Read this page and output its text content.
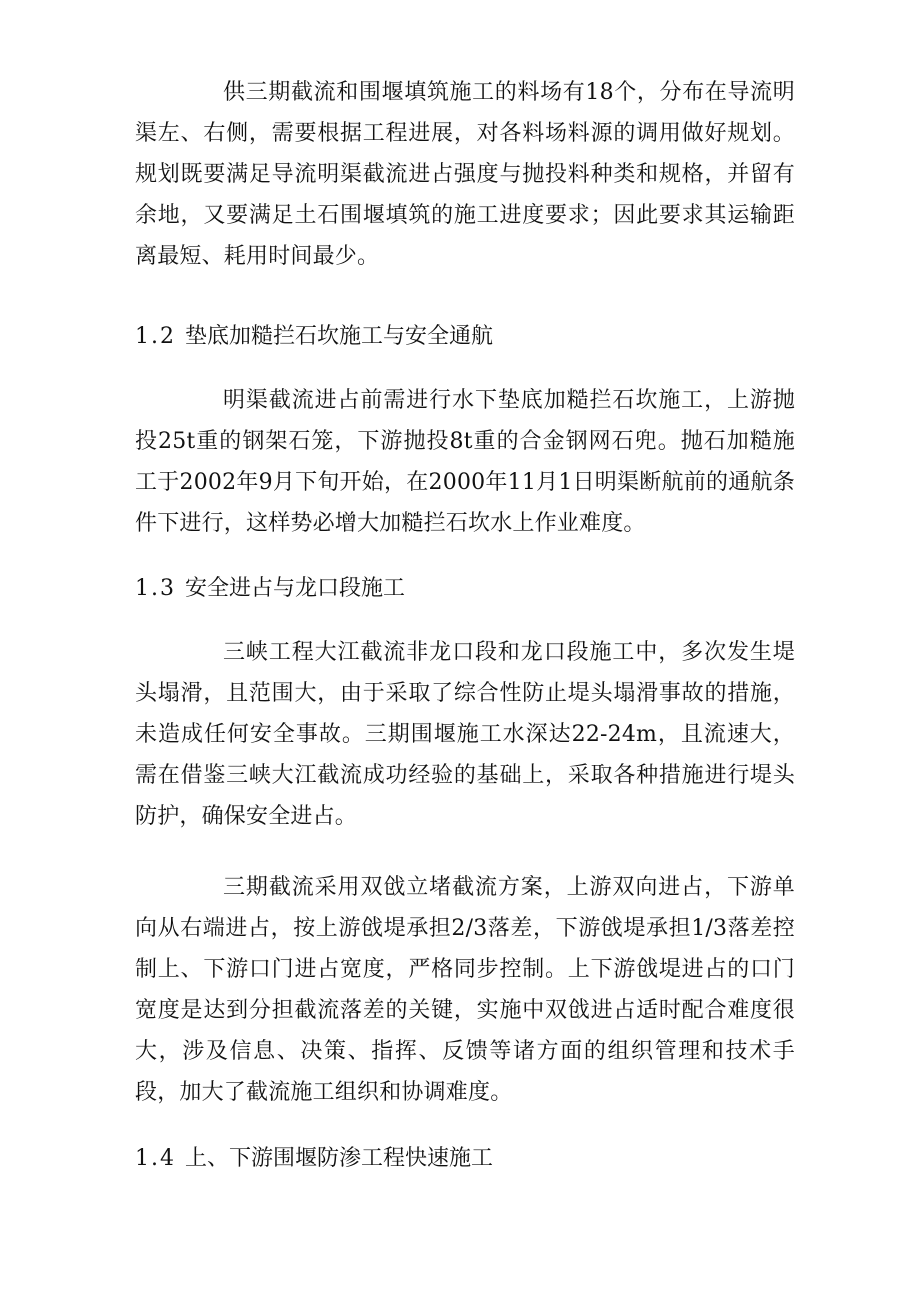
供三期截流和围堰填筑施工的料场有18个，分布在导流明渠左、右侧，需要根据工程进展，对各料场料源的调用做好规划。规划既要满足导流明渠截流进占强度与抛投料种类和规格，并留有余地，又要满足土石围堰填筑的施工进度要求；因此要求其运输距离最短、耗用时间最少。

1.2 垫底加糙拦石坎施工与安全通航

明渠截流进占前需进行水下垫底加糙拦石坎施工，上游抛投25t重的钢架石笼，下游抛投8t重的合金钢网石兜。抛石加糙施工于2002年9月下旬开始，在2000年11月1日明渠断航前的通航条件下进行，这样势必增大加糙拦石坎水上作业难度。

1.3 安全进占与龙口段施工

三峡工程大江截流非龙口段和龙口段施工中，多次发生堤头塌滑，且范围大，由于采取了综合性防止堤头塌滑事故的措施，未造成任何安全事故。三期围堰施工水深达22-24m，且流速大，需在借鉴三峡大江截流成功经验的基础上，采取各种措施进行堤头防护，确保安全进占。

三期截流采用双戗立堵截流方案，上游双向进占，下游单向从右端进占，按上游戗堤承担2/3落差，下游戗堤承担1/3落差控制上、下游口门进占宽度，严格同步控制。上下游戗堤进占的口门宽度是达到分担截流落差的关键，实施中双戗进占适时配合难度很大，涉及信息、决策、指挥、反馈等诸方面的组织管理和技术手段，加大了截流施工组织和协调难度。

1.4 上、下游围堰防渗工程快速施工
